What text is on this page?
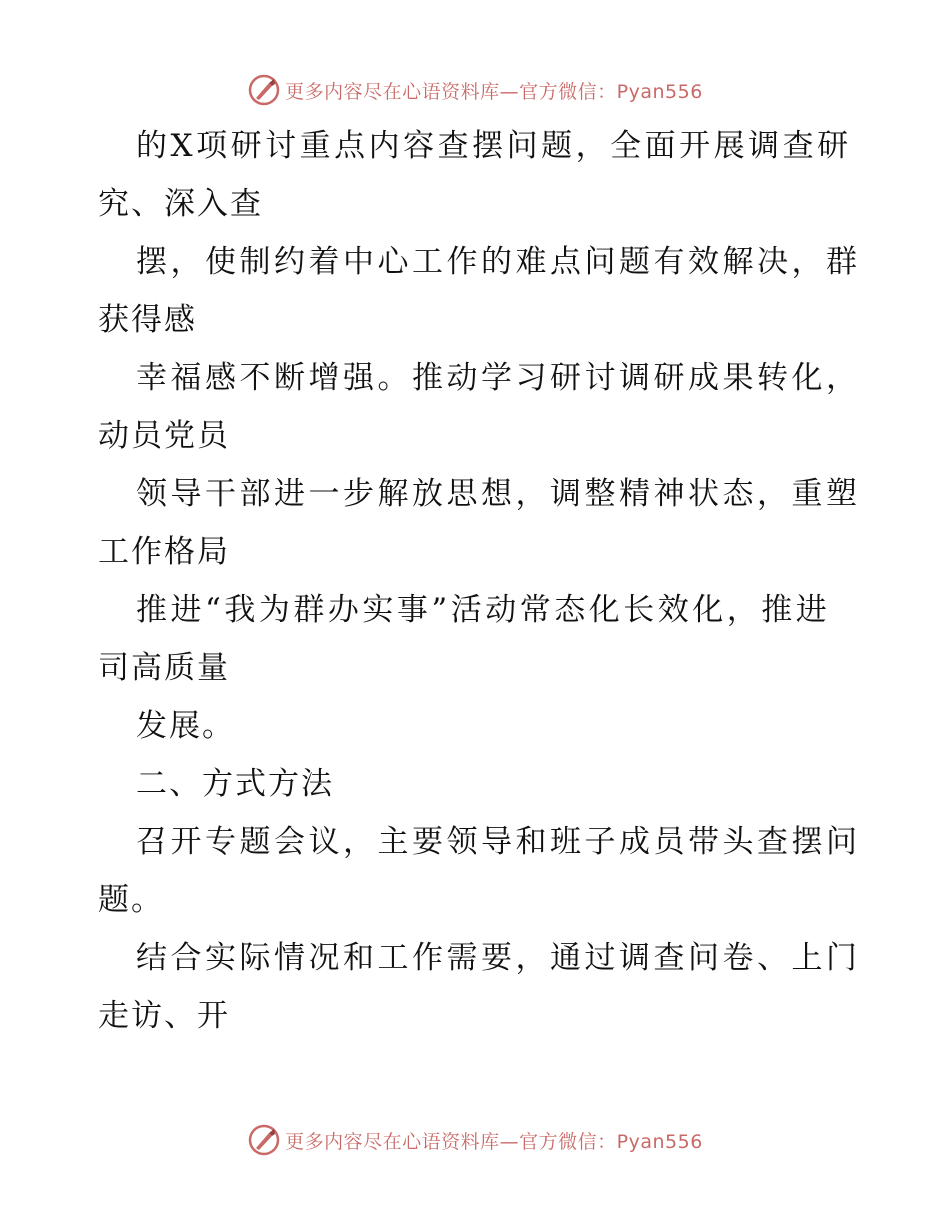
更多内容尽在心语资料库—官方微信：Pyan556
的X项研讨重点内容查摆问题，全面开展调查研
究、深入查
摆，使制约着中心工作的难点问题有效解决，群
获得感
幸福感不断增强。推动学习研讨调研成果转化，
动员党员
领导干部进一步解放思想，调整精神状态，重塑
工作格局
推进“我为群办实事”活动常态化长效化，推进
司高质量
发展。
二、方式方法
召开专题会议，主要领导和班子成员带头查摆问
题。
结合实际情况和工作需要，通过调查问卷、上门
走访、开
更多内容尽在心语资料库—官方微信：Pyan556
